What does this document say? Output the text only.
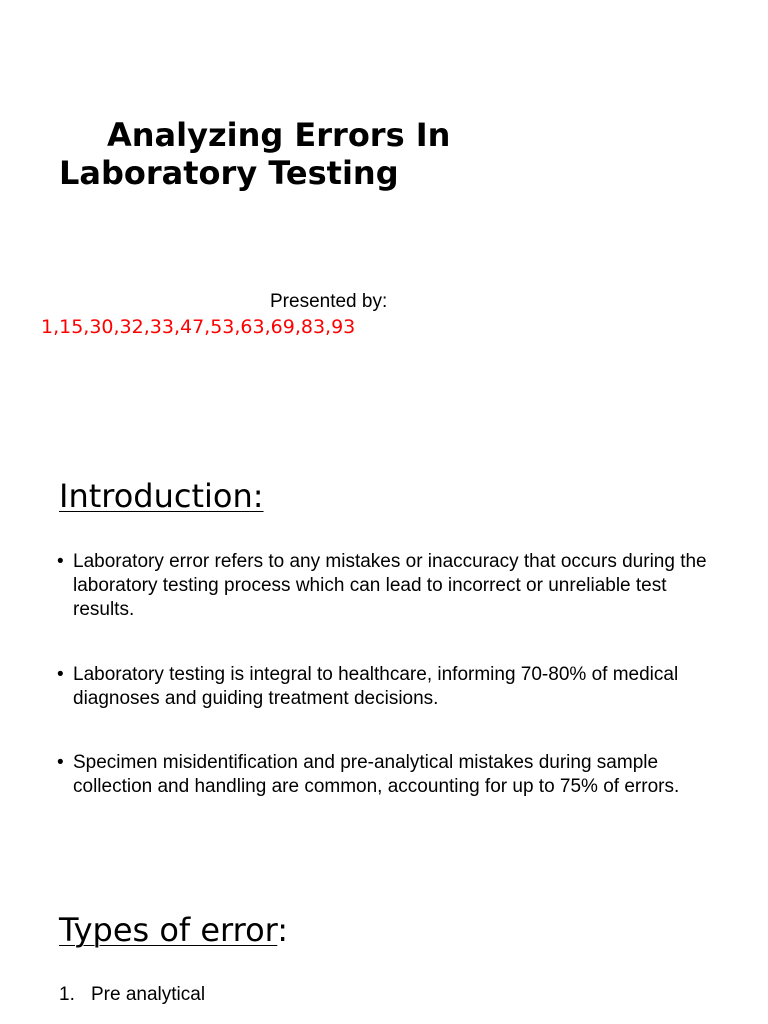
Analyzing Errors In
Laboratory Testing
Presented by:
1,15,30,32,33,47,53,63,69,83,93
Introduction:
• Laboratory error refers to any mistakes or inaccuracy that occurs during the laboratory testing process which can lead to incorrect or unreliable test results.
• Laboratory testing is integral to healthcare, informing 70-80% of medical diagnoses and guiding treatment decisions.
• Specimen misidentification and pre-analytical mistakes during sample collection and handling are common, accounting for up to 75% of errors.
Types of error:
1. Pre analytical
